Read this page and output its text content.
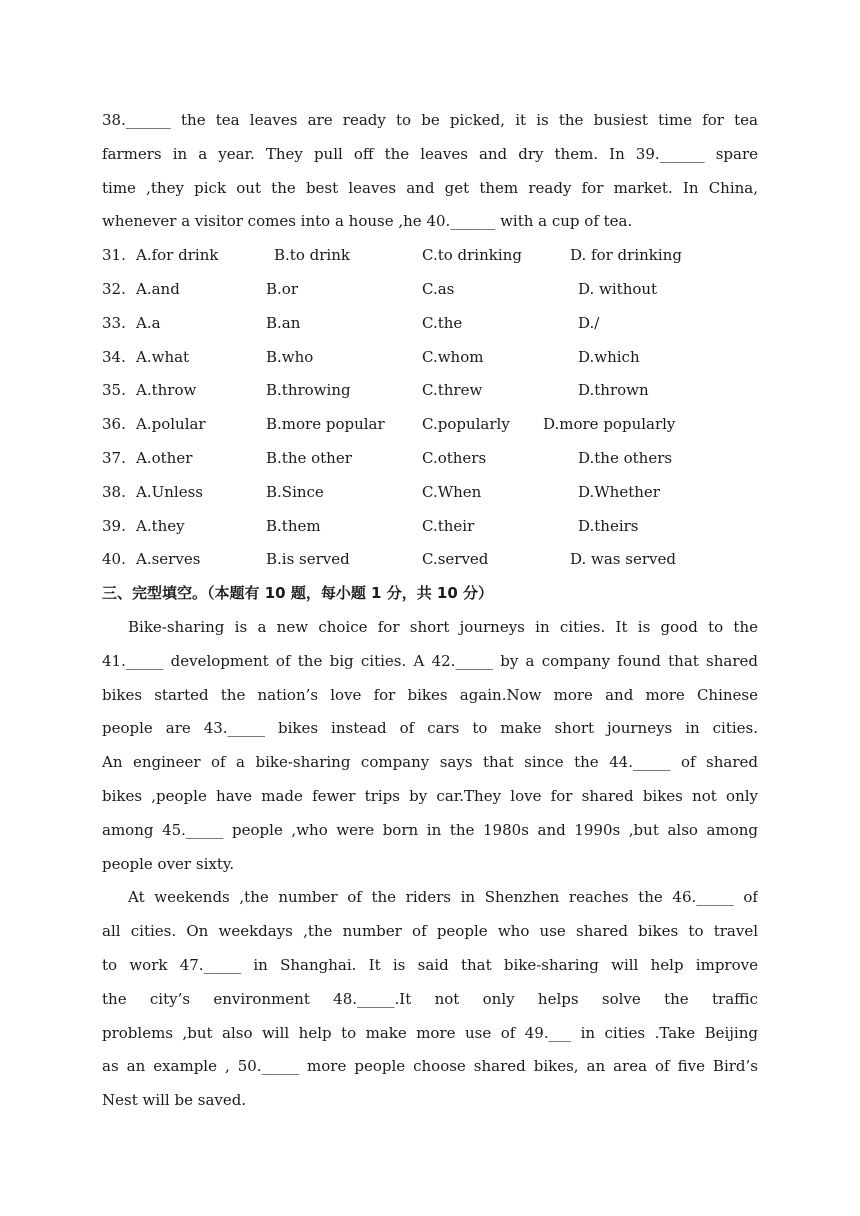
38.______ the tea leaves are ready to be picked, it is the busiest time for tea
farmers in a year. They pull off the leaves and dry them. In 39.______ spare
time ,they pick out the best leaves and get them ready for market. In China,
whenever a visitor comes into a house ,he 40.______ with a cup of tea.
31. A.for drink	B.to drink	C.to drinking	D. for drinking
32. A.and	B.or	C.as	D. without
33. A.a	B.an	C.the	D./
34. A.what	B.who	C.whom	D.which
35. A.throw	B.throwing	C.threw	D.thrown
36. A.polular	B.more popular C.popularly D.more popularly
37. A.other	B.the other	C.others	D.the others
38. A.Unless	B.Since	C.When	D.Whether
39. A.they	B.them	C.their	D.theirs
40. A.serves	B.is served	C.served	D. was served
三、完型填空。（本题有 10 题，每小题 1 分，共 10 分）
Bike-sharing is a new choice for short journeys in cities. It is good to the
41._____ development of the big cities. A 42._____ by a company found that shared
bikes started the nation’s love for bikes again.Now more and more Chinese
people are 43._____ bikes instead of cars to make short journeys in cities.
An engineer of a bike-sharing company says that since the 44._____ of shared
bikes ,people have made fewer trips by car.They love for shared bikes not only
among 45._____ people ,who were born in the 1980s and 1990s ,but also among
people over sixty.
At weekends ,the number of the riders in Shenzhen reaches the 46._____ of
all cities. On weekdays ,the number of people who use shared bikes to travel
to work 47._____ in Shanghai. It is said that bike-sharing will help improve
the city’s environment 48._____.It not only helps solve the traffic
problems ,but also will help to make more use of 49.___ in cities .Take Beijing
as an example , 50._____ more people choose shared bikes, an area of five Bird’s
Nest will be saved.
